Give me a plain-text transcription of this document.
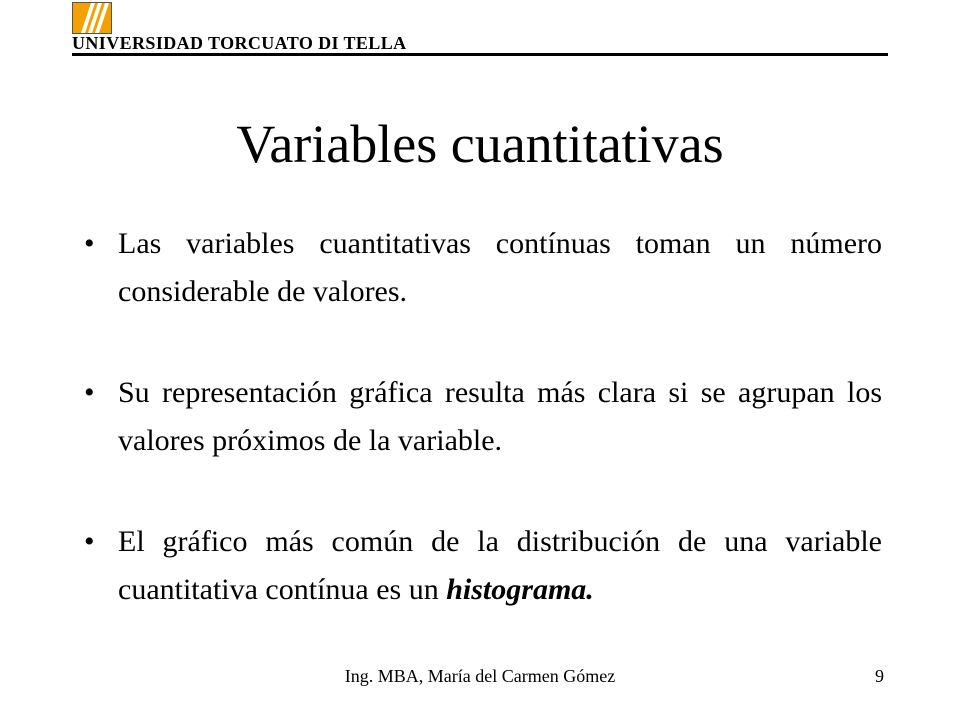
UNIVERSIDAD TORCUATO DI TELLA
Variables cuantitativas
• Las variables cuantitativas contínuas toman un número considerable de valores.
• Su representación gráfica resulta más clara si se agrupan los valores próximos de la variable.
• El gráfico más común de la distribución de una variable cuantitativa contínua es un histograma.
Ing. MBA, María del Carmen Gómez	9
